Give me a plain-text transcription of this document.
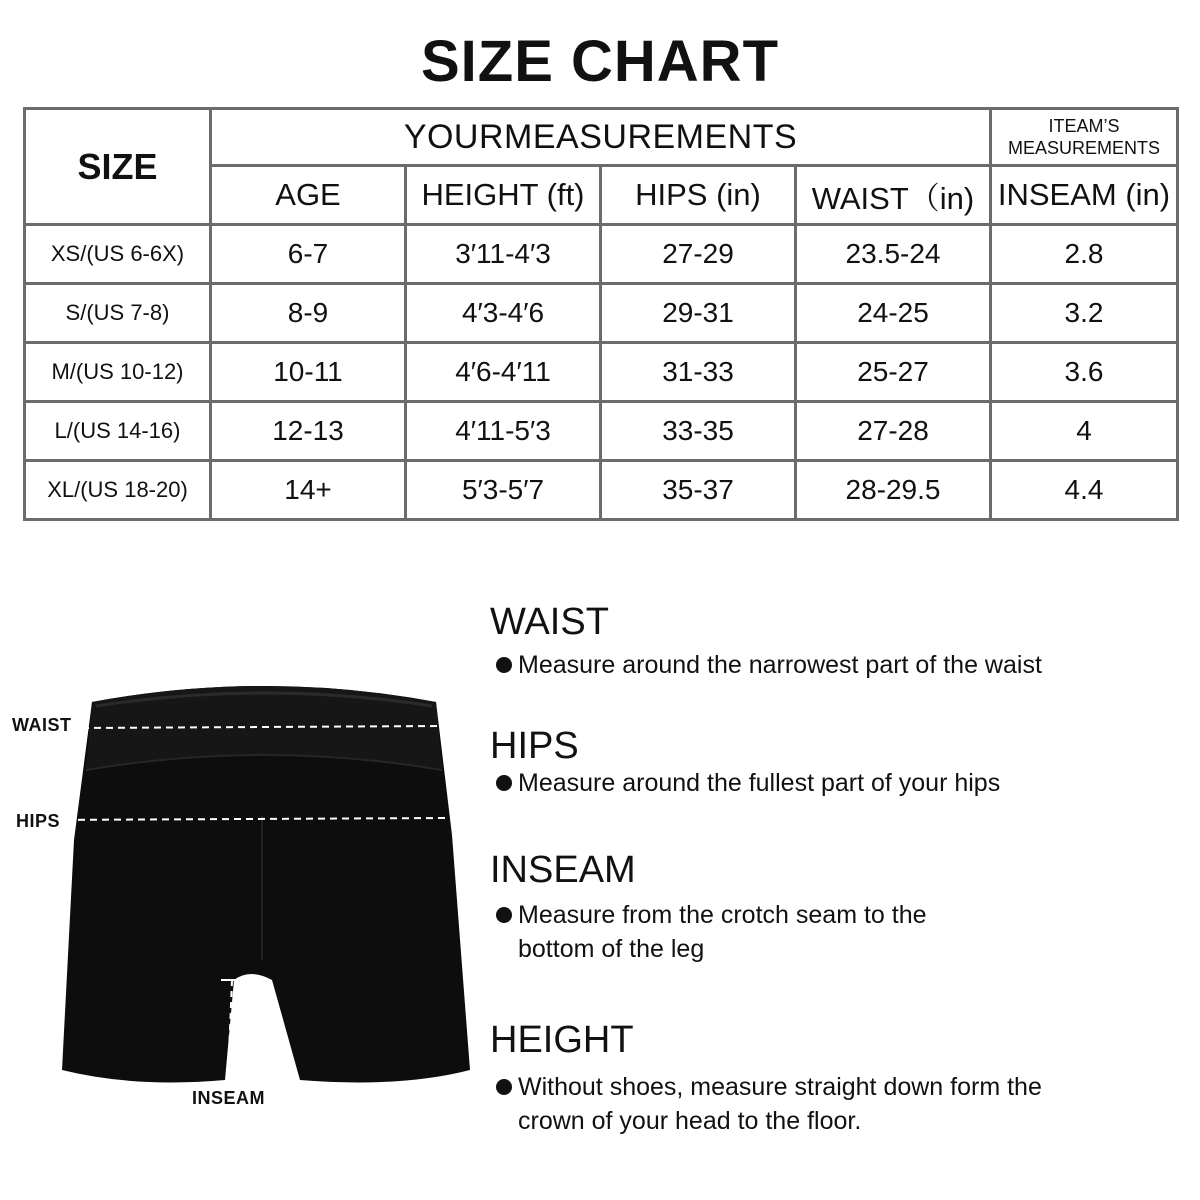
SIZE CHART
SIZE	YOURMEASUREMENTS				ITEAM’S
MEASUREMENTS

	AGE	HEIGHT (ft)	HIPS (in)	WAIST（in)	INSEAM (in)
XS/(US 6-6X)	6-7	3′11-4′3	27-29	23.5-24	2.8
S/(US 7-8)	8-9	4′3-4′6	29-31	24-25	3.2
M/(US 10-12)	10-11	4′6-4′11	31-33	25-27	3.6
L/(US 14-16)	12-13	4′11-5′3	33-35	27-28	4
XL/(US 18-20)	14+	5′3-5′7	35-37	28-29.5	4.4
WAIST
HIPS
INSEAM
WAIST
Measure around the narrowest part of the waist
HIPS
Measure around the fullest part of your hips
INSEAM
Measure from the crotch seam to the
bottom of the leg
HEIGHT
Without shoes, measure straight down form the
crown of your head to the floor.
